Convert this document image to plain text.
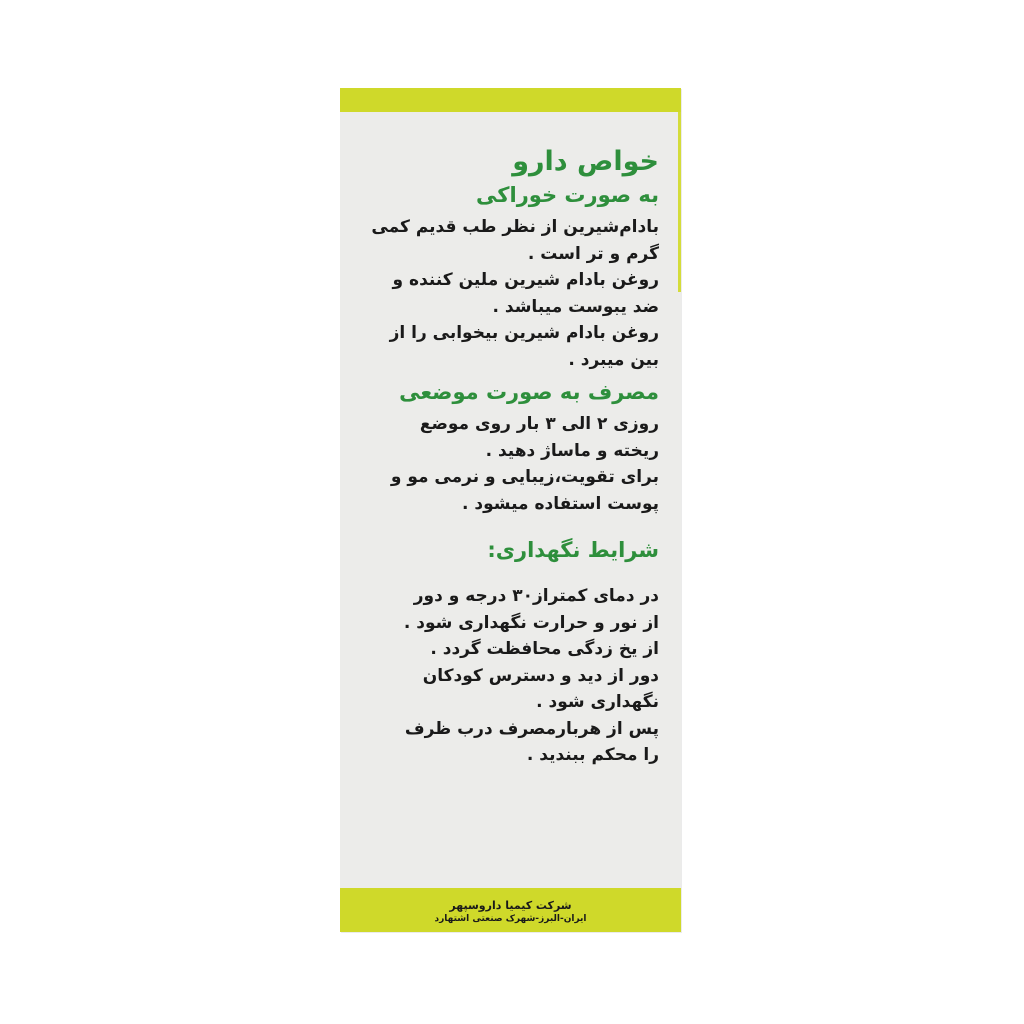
خواص دارو
به صورت خوراکی
بادام‌شیرین از نظر طب قدیم کمی
گرم و تر است .
روغن بادام شیرین ملین کننده و
ضد یبوست میباشد .
روغن بادام شیرین بیخوابی را از
بین میبرد .
مصرف به صورت موضعی
روزی ۲ الی ۳ بار روی موضع
ریخته و ماساژ دهید .
برای تقویت،زیبایی و نرمی مو و
پوست استفاده میشود .
شرایط نگهداری:
در دمای کمتراز۳۰ درجه و دور
از نور و حرارت نگهداری شود .
از یخ زدگی محافظت گردد .
دور از دید و دسترس کودکان
نگهداری شود .
پس از هربارمصرف درب ظرف
را محکم ببندید .
شرکت کیمیا داروسپهر
ایران-البرز-شهرک صنعتی اشتهارد
